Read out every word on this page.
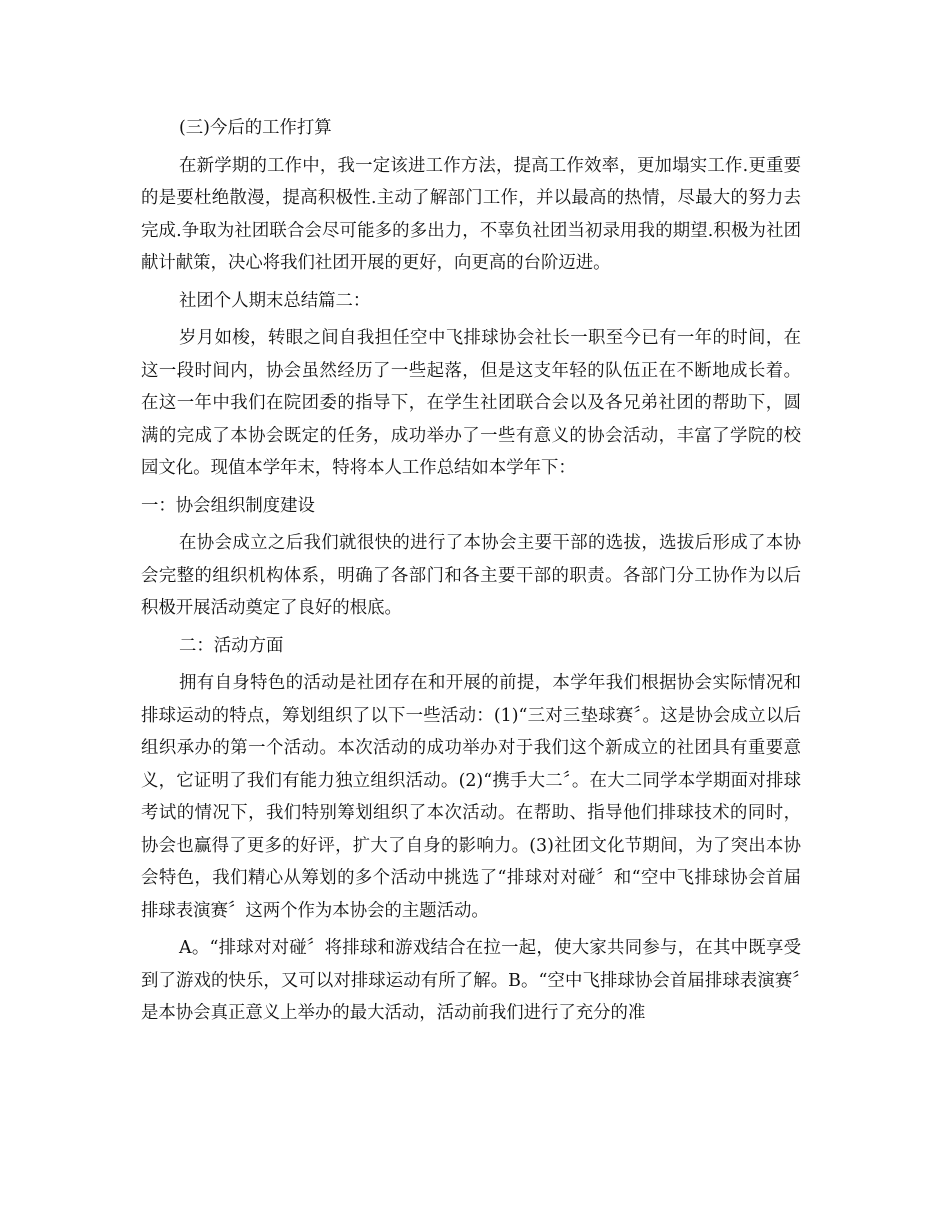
(三)今后的工作打算

在新学期的工作中，我一定该进工作方法，提高工作效率，更加塌实工作.更重要的是要杜绝散漫，提高积极性.主动了解部门工作，并以最高的热情，尽最大的努力去完成.争取为社团联合会尽可能多的多出力，不辜负社团当初录用我的期望.积极为社团献计献策，决心将我们社团开展的更好，向更高的台阶迈进。

社团个人期末总结篇二：

岁月如梭，转眼之间自我担任空中飞排球协会社长一职至今已有一年的时间，在这一段时间内，协会虽然经历了一些起落，但是这支年轻的队伍正在不断地成长着。在这一年中我们在院团委的指导下，在学生社团联合会以及各兄弟社团的帮助下，圆满的完成了本协会既定的任务，成功举办了一些有意义的协会活动，丰富了学院的校园文化。现值本学年末，特将本人工作总结如本学年下：

一：协会组织制度建设

在协会成立之后我们就很快的进行了本协会主要干部的选拔，选拔后形成了本协会完整的组织机构体系，明确了各部门和各主要干部的职责。各部门分工协作为以后积极开展活动奠定了良好的根底。

二：活动方面

拥有自身特色的活动是社团存在和开展的前提，本学年我们根据协会实际情况和排球运动的特点，筹划组织了以下一些活动：(1)“三对三垫球赛〞。这是协会成立以后组织承办的第一个活动。本次活动的成功举办对于我们这个新成立的社团具有重要意义，它证明了我们有能力独立组织活动。(2)“携手大二〞。在大二同学本学期面对排球考试的情况下，我们特别筹划组织了本次活动。在帮助、指导他们排球技术的同时，协会也赢得了更多的好评，扩大了自身的影响力。(3)社团文化节期间，为了突出本协会特色，我们精心从筹划的多个活动中挑选了“排球对对碰〞和“空中飞排球协会首届排球表演赛〞这两个作为本协会的主题活动。

A。“排球对对碰〞将排球和游戏结合在拉一起，使大家共同参与，在其中既享受到了游戏的快乐，又可以对排球运动有所了解。B。“空中飞排球协会首届排球表演赛〞是本协会真正意义上举办的最大活动，活动前我们进行了充分的准
